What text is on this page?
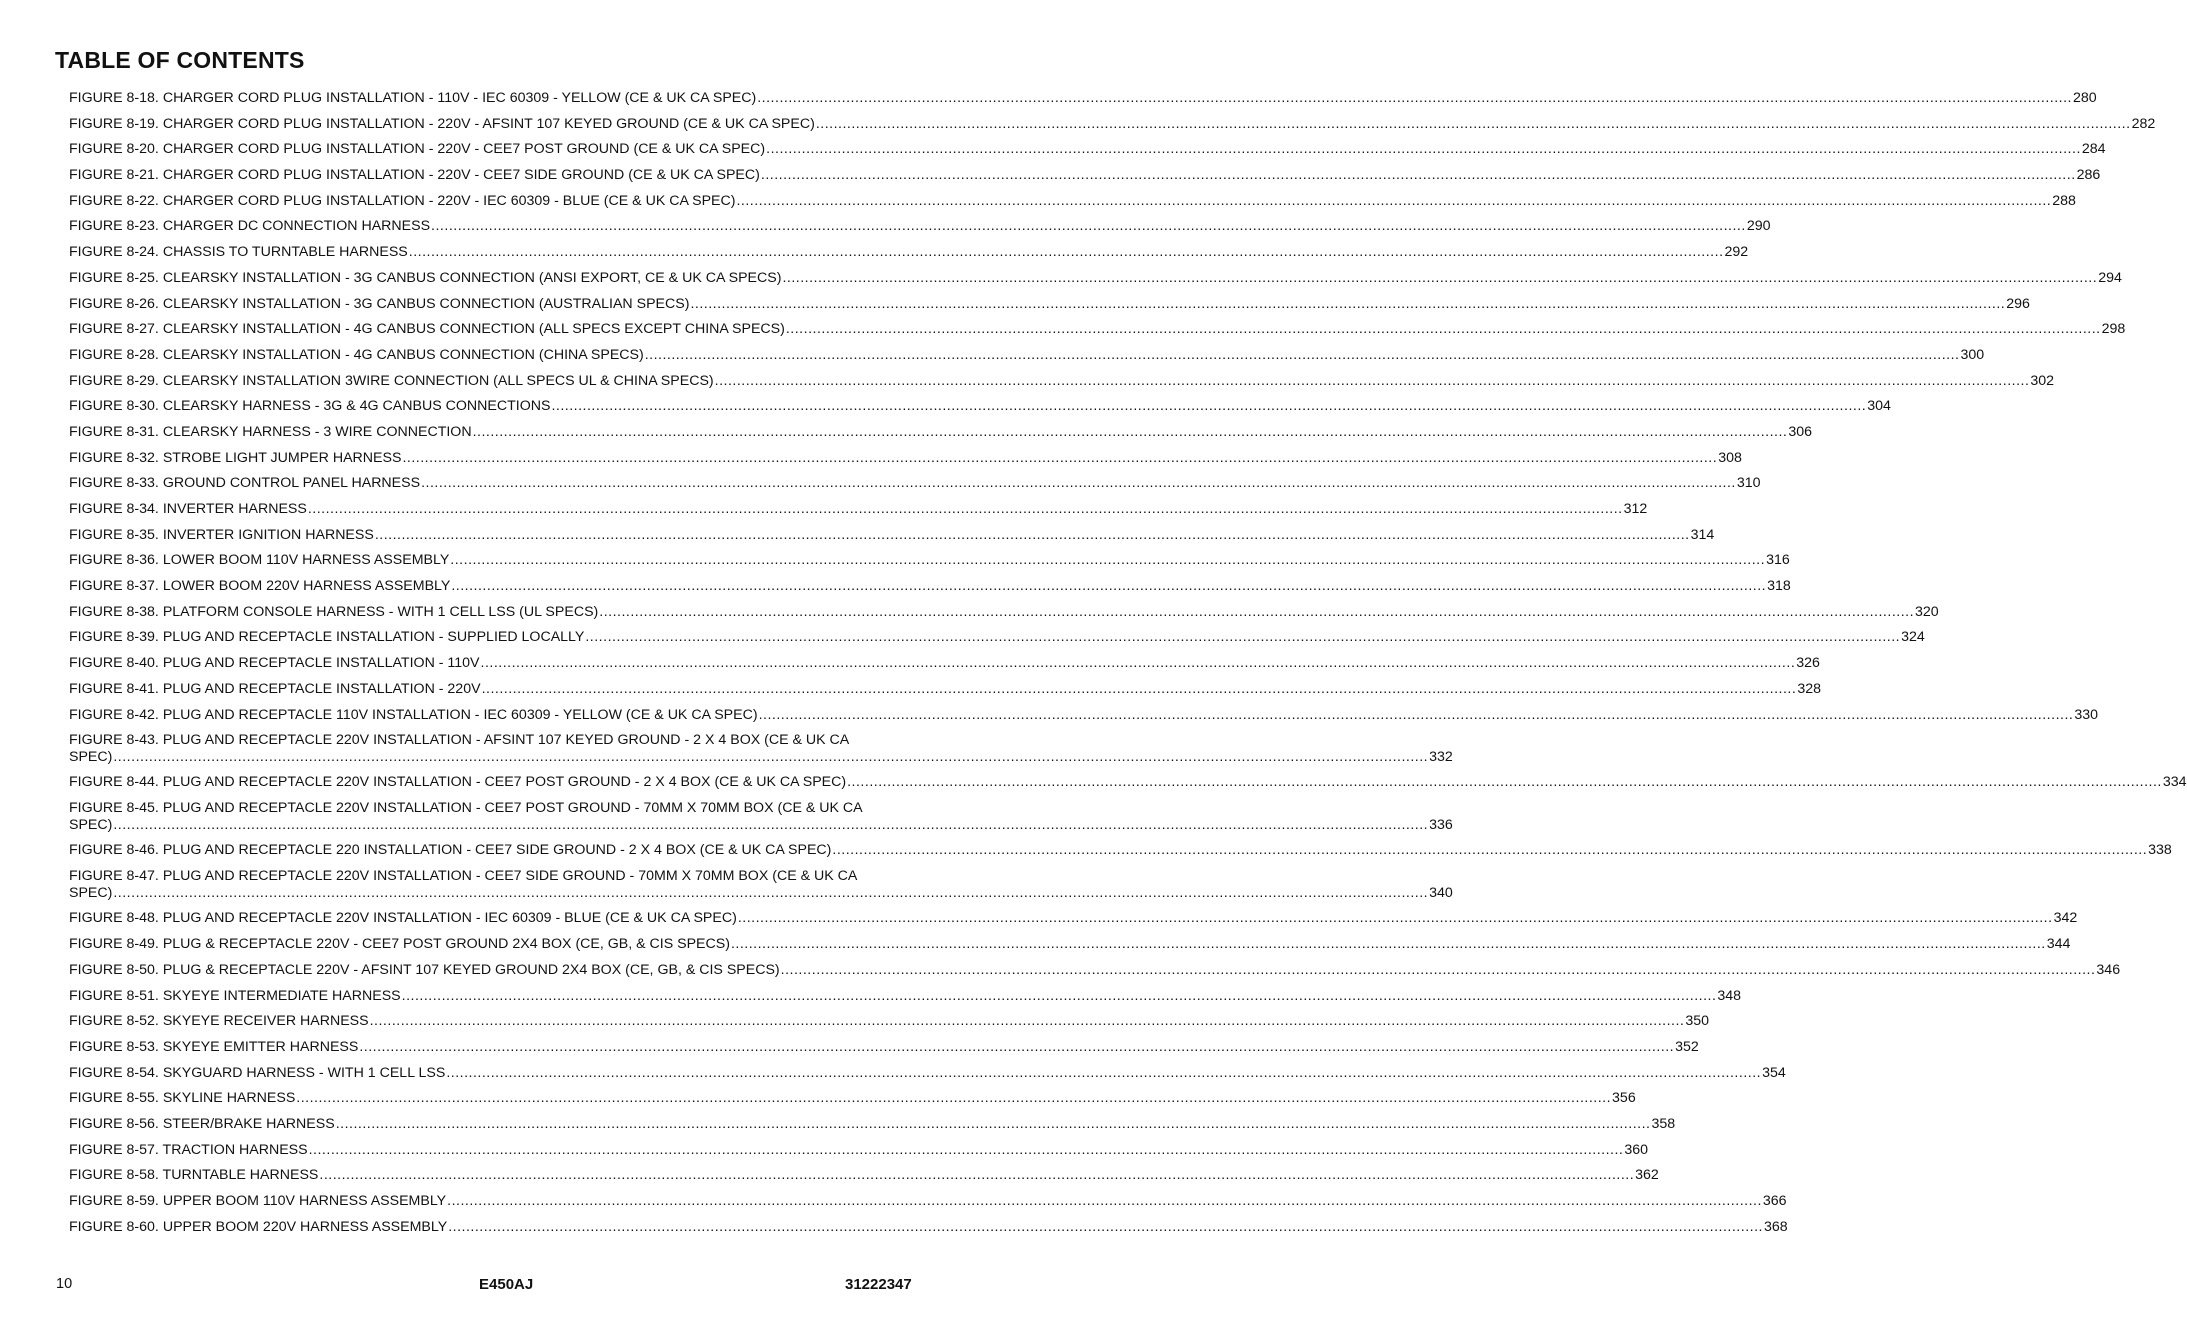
TABLE OF CONTENTS
FIGURE 8-18. CHARGER CORD PLUG INSTALLATION - 110V - IEC 60309 - YELLOW (CE & UK CA SPEC) .....	280
FIGURE 8-19. CHARGER CORD PLUG INSTALLATION - 220V - AFSINT 107 KEYED GROUND (CE & UK CA SPEC) .....	282
FIGURE 8-20. CHARGER CORD PLUG INSTALLATION - 220V - CEE7 POST GROUND (CE & UK CA SPEC) .....	284
FIGURE 8-21. CHARGER CORD PLUG INSTALLATION - 220V - CEE7 SIDE GROUND (CE & UK CA SPEC) .....	286
FIGURE 8-22. CHARGER CORD PLUG INSTALLATION - 220V - IEC 60309 - BLUE (CE & UK CA SPEC) .....	288
FIGURE 8-23. CHARGER DC CONNECTION HARNESS .....	290
FIGURE 8-24. CHASSIS TO TURNTABLE HARNESS .....	292
FIGURE 8-25. CLEARSKY INSTALLATION - 3G CANBUS CONNECTION (ANSI EXPORT, CE & UK CA SPECS) .....	294
FIGURE 8-26. CLEARSKY INSTALLATION - 3G CANBUS CONNECTION (AUSTRALIAN SPECS) .....	296
FIGURE 8-27. CLEARSKY INSTALLATION - 4G CANBUS CONNECTION (ALL SPECS EXCEPT CHINA SPECS) .....	298
FIGURE 8-28. CLEARSKY INSTALLATION - 4G CANBUS CONNECTION (CHINA SPECS) .....	300
FIGURE 8-29. CLEARSKY INSTALLATION 3WIRE CONNECTION (ALL SPECS UL & CHINA SPECS) .....	302
FIGURE 8-30. CLEARSKY HARNESS - 3G & 4G CANBUS CONNECTIONS .....	304
FIGURE 8-31. CLEARSKY HARNESS - 3 WIRE CONNECTION .....	306
FIGURE 8-32. STROBE LIGHT JUMPER HARNESS .....	308
FIGURE 8-33. GROUND CONTROL PANEL HARNESS .....	310
FIGURE 8-34. INVERTER HARNESS .....	312
FIGURE 8-35. INVERTER IGNITION HARNESS .....	314
FIGURE 8-36. LOWER BOOM 110V HARNESS ASSEMBLY .....	316
FIGURE 8-37. LOWER BOOM 220V HARNESS ASSEMBLY .....	318
FIGURE 8-38. PLATFORM CONSOLE HARNESS - WITH 1 CELL LSS (UL SPECS) .....	320
FIGURE 8-39. PLUG AND RECEPTACLE INSTALLATION - SUPPLIED LOCALLY .....	324
FIGURE 8-40. PLUG AND RECEPTACLE INSTALLATION - 110V .....	326
FIGURE 8-41. PLUG AND RECEPTACLE INSTALLATION - 220V .....	328
FIGURE 8-42. PLUG AND RECEPTACLE 110V INSTALLATION - IEC 60309 - YELLOW (CE & UK CA SPEC) .....	330
FIGURE 8-43. PLUG AND RECEPTACLE 220V INSTALLATION - AFSINT 107 KEYED GROUND - 2 X 4 BOX (CE & UK CA
SPEC) .....	332
FIGURE 8-44. PLUG AND RECEPTACLE 220V INSTALLATION - CEE7 POST GROUND - 2 X 4 BOX (CE & UK CA SPEC) .....	334
FIGURE 8-45. PLUG AND RECEPTACLE 220V INSTALLATION - CEE7 POST GROUND - 70MM X 70MM BOX (CE & UK CA
SPEC) .....	336
FIGURE 8-46. PLUG AND RECEPTACLE 220 INSTALLATION - CEE7 SIDE GROUND - 2 X 4 BOX (CE & UK CA SPEC) .....	338
FIGURE 8-47. PLUG AND RECEPTACLE 220V INSTALLATION - CEE7 SIDE GROUND - 70MM X 70MM BOX (CE & UK CA
SPEC) .....	340
FIGURE 8-48. PLUG AND RECEPTACLE 220V INSTALLATION - IEC 60309 - BLUE (CE & UK CA SPEC) .....	342
FIGURE 8-49. PLUG & RECEPTACLE 220V - CEE7 POST GROUND 2X4 BOX (CE, GB, & CIS SPECS) .....	344
FIGURE 8-50. PLUG & RECEPTACLE 220V - AFSINT 107 KEYED GROUND 2X4 BOX (CE, GB, & CIS SPECS) .....	346
FIGURE 8-51. SKYEYE INTERMEDIATE HARNESS .....	348
FIGURE 8-52. SKYEYE RECEIVER HARNESS .....	350
FIGURE 8-53. SKYEYE EMITTER HARNESS .....	352
FIGURE 8-54. SKYGUARD HARNESS - WITH 1 CELL LSS .....	354
FIGURE 8-55. SKYLINE HARNESS .....	356
FIGURE 8-56. STEER/BRAKE HARNESS .....	358
FIGURE 8-57. TRACTION HARNESS .....	360
FIGURE 8-58. TURNTABLE HARNESS .....	362
FIGURE 8-59. UPPER BOOM 110V HARNESS ASSEMBLY .....	366
FIGURE 8-60. UPPER BOOM 220V HARNESS ASSEMBLY .....	368
10	E450AJ	31222347
